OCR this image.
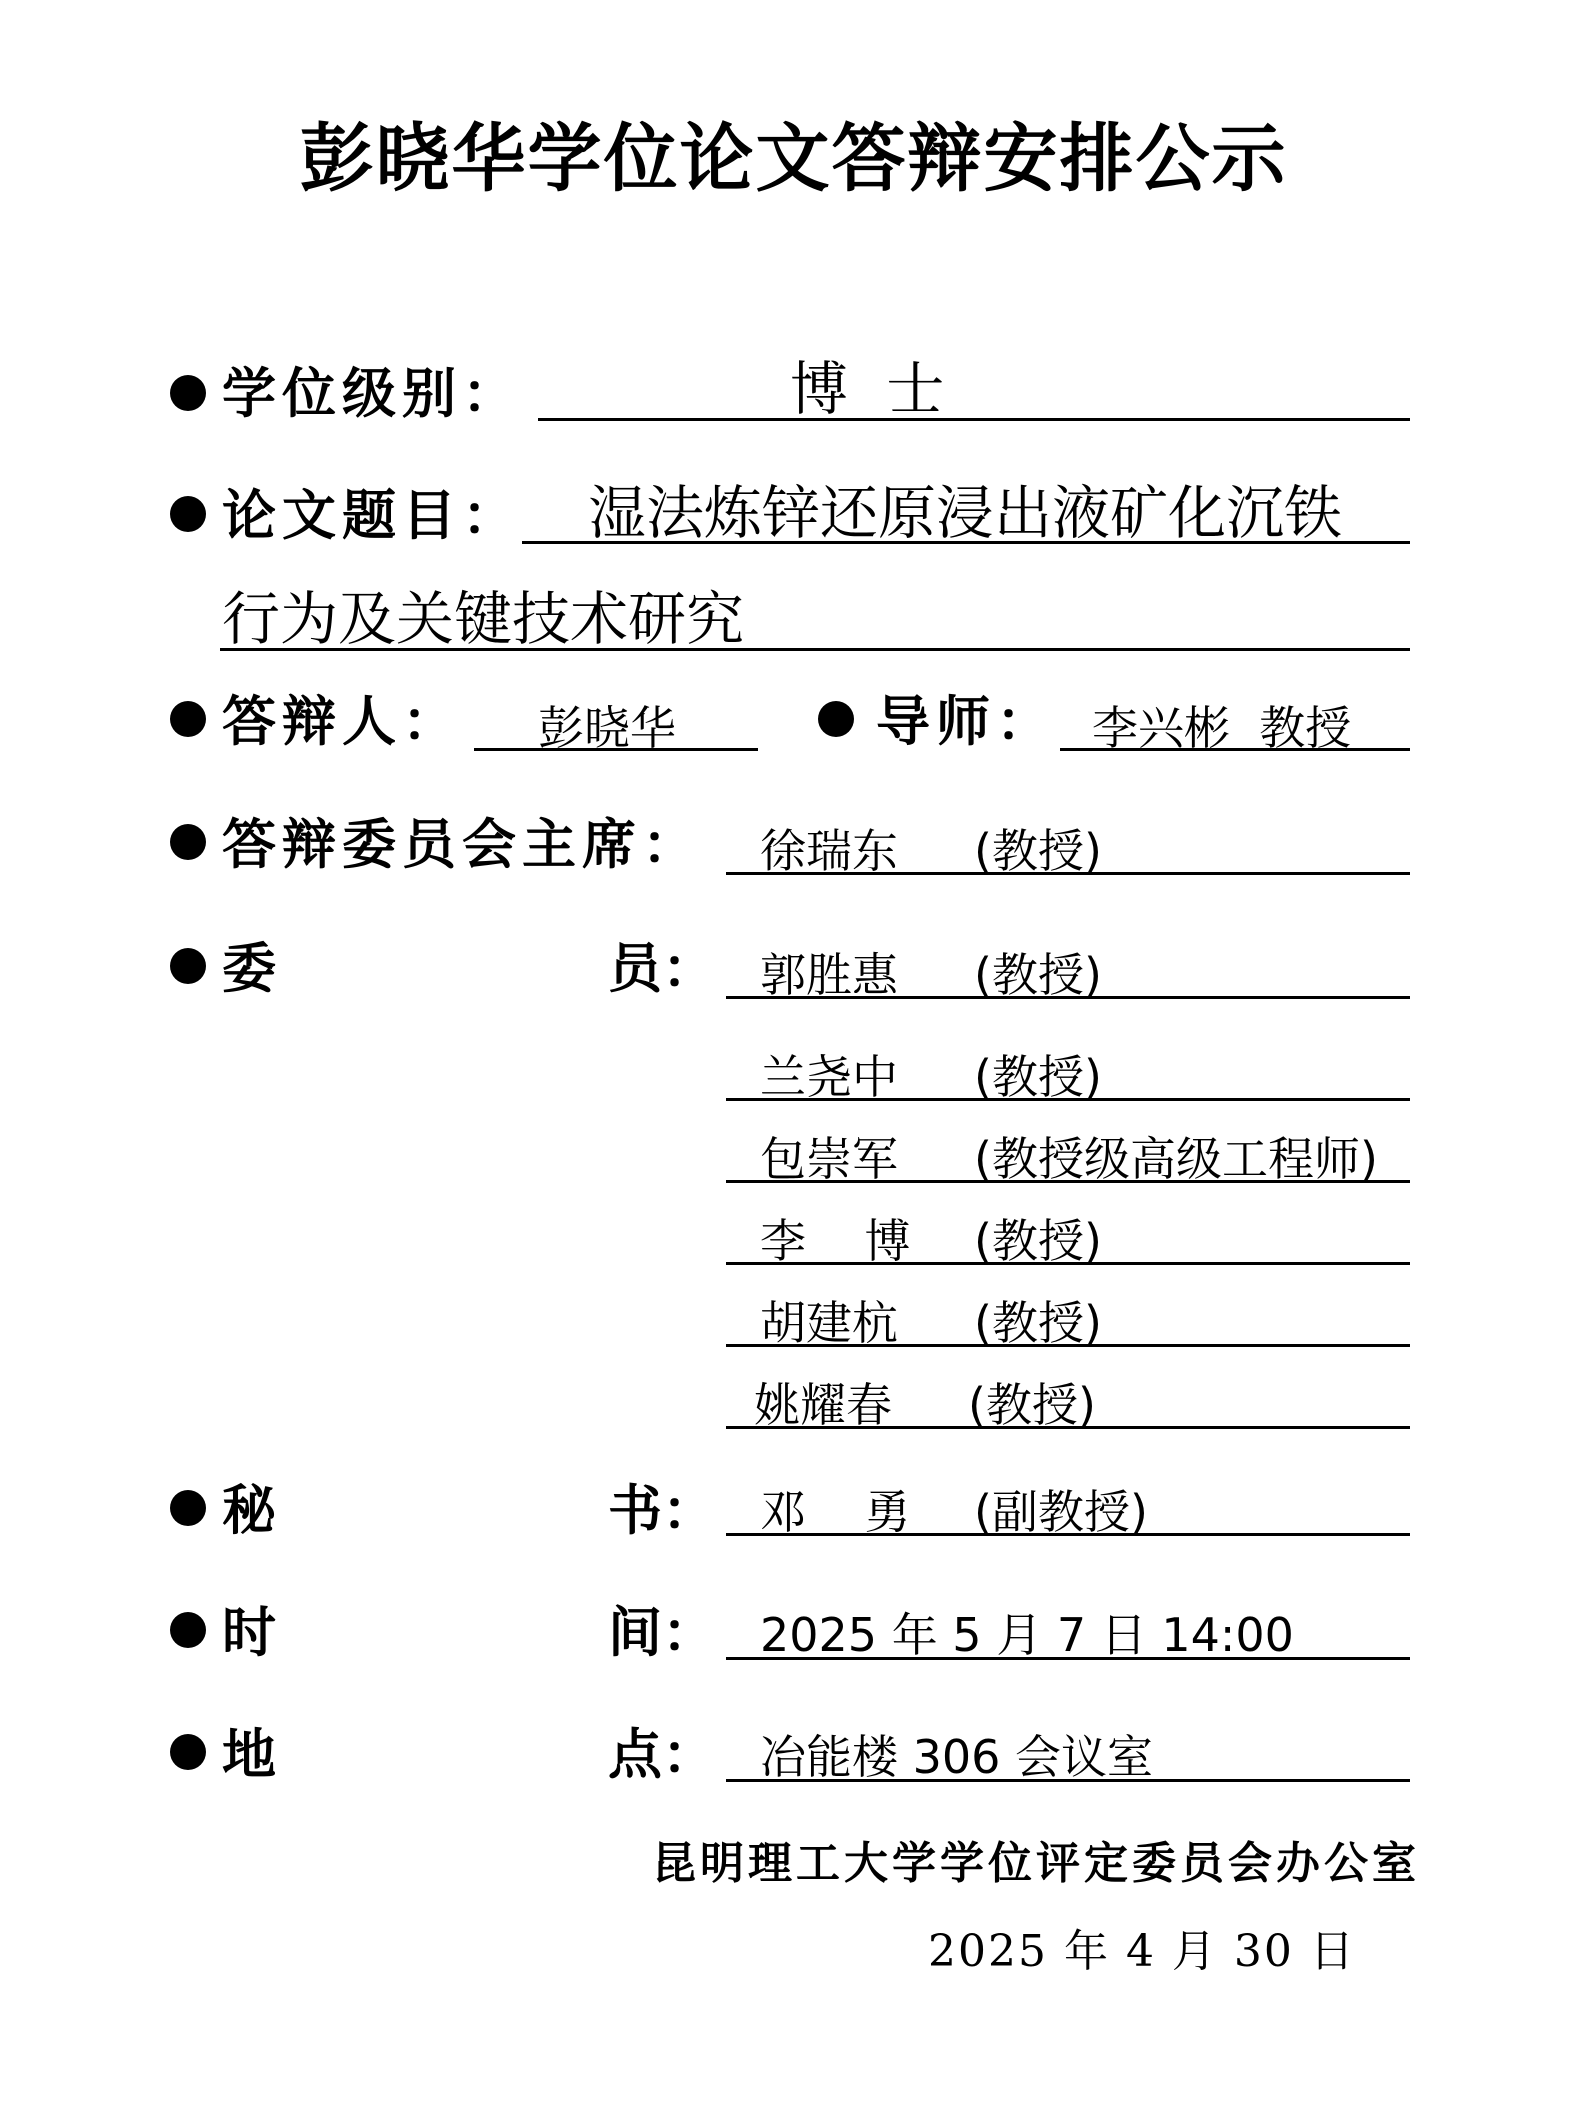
彭晓华学位论文答辩安排公示
学位级别：	博 士
论文题目： 湿法炼锌还原浸出液矿化沉铁
行为及关键技术研究
答辩人： 彭晓华	导师： 李兴彬  教授
答辩委员会主席： 徐瑞东 (教授)
委	员： 郭胜惠 (教授)
兰尧中 (教授)
包崇军 (教授级高级工程师)
李    博 (教授)
胡建杭 (教授)
姚耀春 (教授)
秘	书： 邓    勇 (副教授)
时	间： 2025 年 5 月 7 日 14:00
地	点： 冶能楼 306 会议室
昆明理工大学学位评定委员会办公室
2025 年 4 月 30 日
